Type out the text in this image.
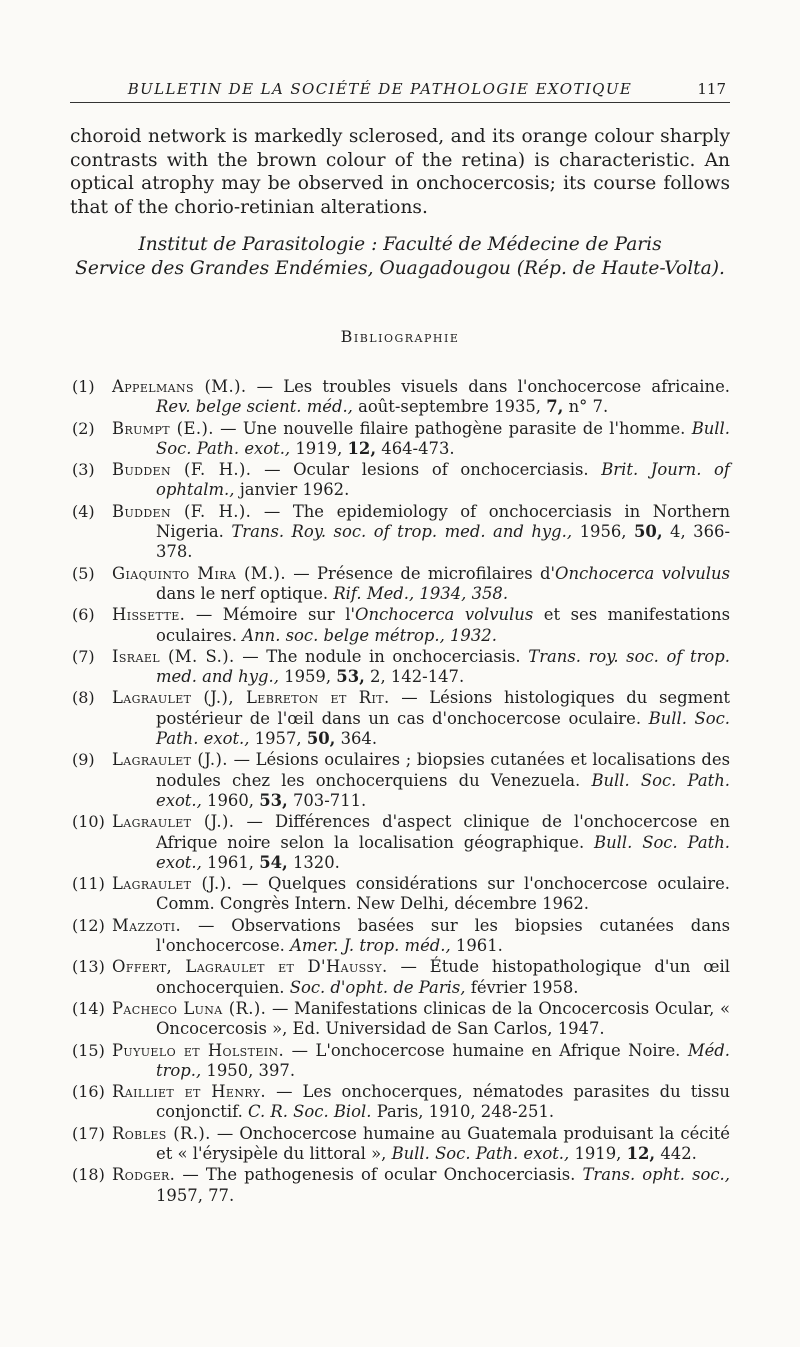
BULLETIN DE LA SOCIÉTÉ DE PATHOLOGIE EXOTIQUE	117
choroid network is markedly sclerosed, and its orange colour sharply contrasts with the brown colour of the retina) is characteristic. An optical atrophy may be observed in onchocercosis; its course follows that of the chorio-retinian alterations.
Institut de Parasitologie : Faculté de Médecine de Paris
Service des Grandes Endémies, Ouagadougou (Rép. de Haute-Volta).
Bibliographie
(1) Appelmans (M.). — Les troubles visuels dans l'onchocercose africaine. Rev. belge scient. méd., août-septembre 1935, 7, n° 7.
(2) Brumpt (E.). — Une nouvelle filaire pathogène parasite de l'homme. Bull. Soc. Path. exot., 1919, 12, 464-473.
(3) Budden (F. H.). — Ocular lesions of onchocerciasis. Brit. Journ. of ophtalm., janvier 1962.
(4) Budden (F. H.). — The epidemiology of onchocerciasis in Northern Nigeria. Trans. Roy. soc. of trop. med. and hyg., 1956, 50, 4, 366-378.
(5) Giaquinto Mira (M.). — Présence de microfilaires d'Onchocerca volvulus dans le nerf optique. Rif. Med., 1934, 358.
(6) Hissette. — Mémoire sur l'Onchocerca volvulus et ses manifestations oculaires. Ann. soc. belge métrop., 1932.
(7) Israel (M. S.). — The nodule in onchocerciasis. Trans. roy. soc. of trop. med. and hyg., 1959, 53, 2, 142-147.
(8) Lagraulet (J.), Lebreton et Rit. — Lésions histologiques du segment postérieur de l'œil dans un cas d'onchocercose oculaire. Bull. Soc. Path. exot., 1957, 50, 364.
(9) Lagraulet (J.). — Lésions oculaires ; biopsies cutanées et localisations des nodules chez les onchocerquiens du Venezuela. Bull. Soc. Path. exot., 1960, 53, 703-711.
(10) Lagraulet (J.). — Différences d'aspect clinique de l'onchocercose en Afrique noire selon la localisation géographique. Bull. Soc. Path. exot., 1961, 54, 1320.
(11) Lagraulet (J.). — Quelques considérations sur l'onchocercose oculaire. Comm. Congrès Intern. New Delhi, décembre 1962.
(12) Mazzoti. — Observations basées sur les biopsies cutanées dans l'onchocercose. Amer. J. trop. méd., 1961.
(13) Offert, Lagraulet et D'Haussy. — Étude histopathologique d'un œil onchocerquien. Soc. d'opht. de Paris, février 1958.
(14) Pacheco Luna (R.). — Manifestations clinicas de la Oncocercosis Ocular, « Oncocercosis », Ed. Universidad de San Carlos, 1947.
(15) Puyuelo et Holstein. — L'onchocercose humaine en Afrique Noire. Méd. trop., 1950, 397.
(16) Railliet et Henry. — Les onchocerques, nématodes parasites du tissu conjonctif. C. R. Soc. Biol. Paris, 1910, 248-251.
(17) Robles (R.). — Onchocercose humaine au Guatemala produisant la cécité et « l'érysipèle du littoral », Bull. Soc. Path. exot., 1919, 12, 442.
(18) Rodger. — The pathogenesis of ocular Onchocerciasis. Trans. opht. soc., 1957, 77.
